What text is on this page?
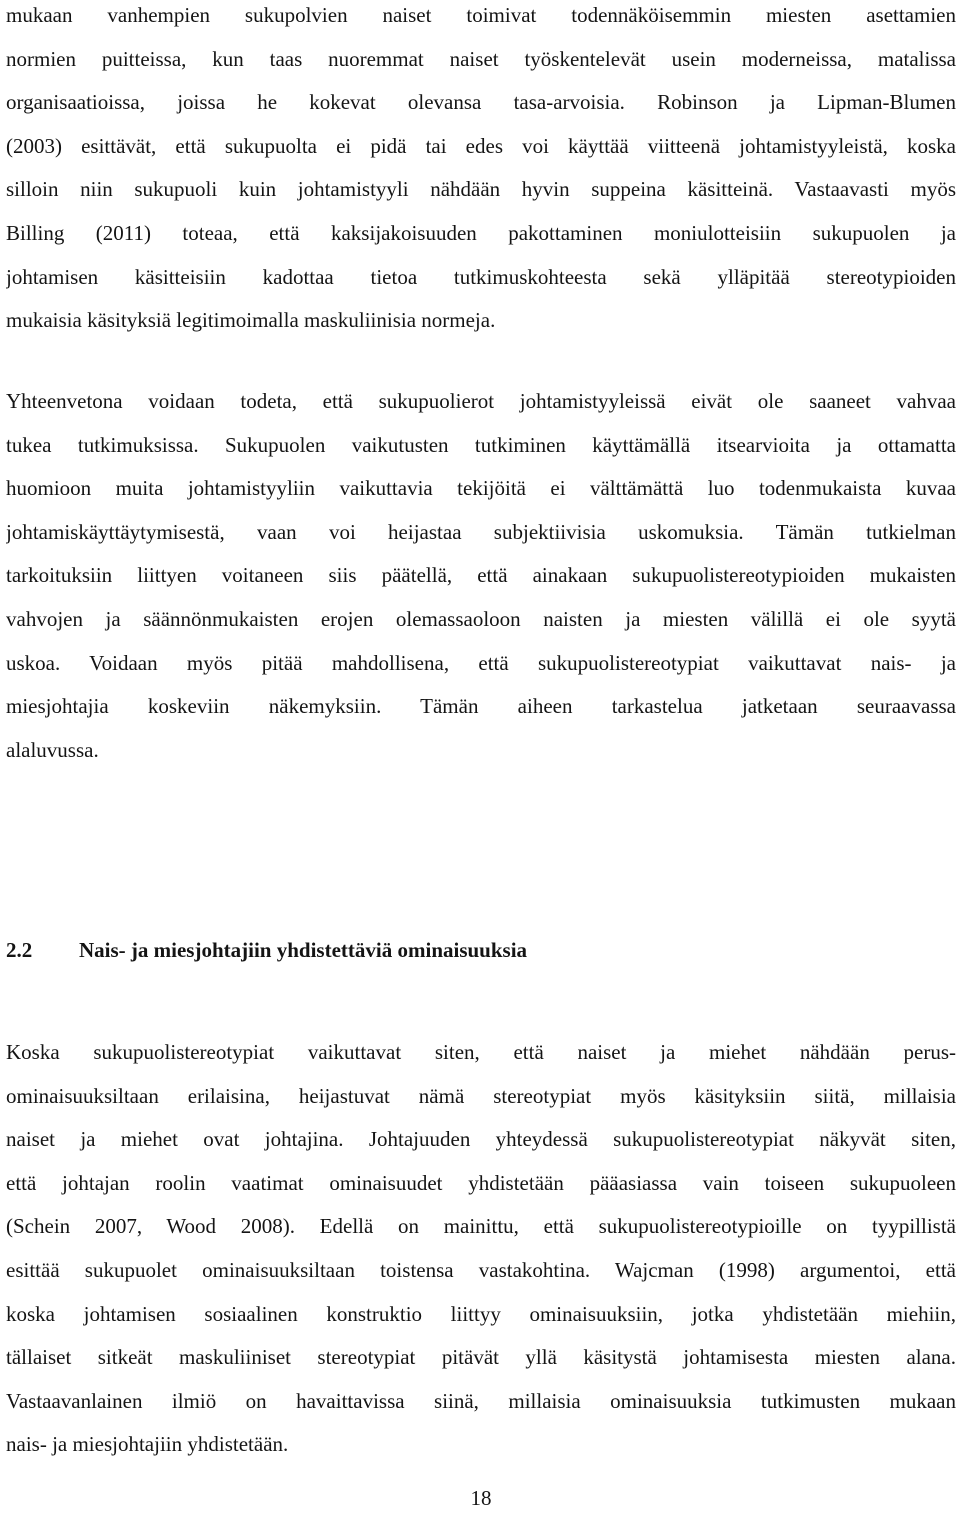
mukaan vanhempien sukupolvien naiset toimivat todennäköisemmin miesten asettamien
normien puitteissa, kun taas nuoremmat naiset työskentelevät usein moderneissa, matalissa
organisaatioissa, joissa he kokevat olevansa tasa-arvoisia. Robinson ja Lipman-Blumen
(2003) esittävät, että sukupuolta ei pidä tai edes voi käyttää viitteenä johtamistyyleistä, koska
silloin niin sukupuoli kuin johtamistyyli nähdään hyvin suppeina käsitteinä. Vastaavasti myös
Billing (2011) toteaa, että kaksijakoisuuden pakottaminen moniulotteisiin sukupuolen ja
johtamisen käsitteisiin kadottaa tietoa tutkimuskohteesta sekä ylläpitää stereotypioiden
mukaisia käsityksiä legitimoimalla maskuliinisia normeja.

Yhteenvetona voidaan todeta, että sukupuolierot johtamistyyleissä eivät ole saaneet vahvaa
tukea tutkimuksissa. Sukupuolen vaikutusten tutkiminen käyttämällä itsearvioita ja ottamatta
huomioon muita johtamistyyliin vaikuttavia tekijöitä ei välttämättä luo todenmukaista kuvaa
johtamiskäyttäytymisestä, vaan voi heijastaa subjektiivisia uskomuksia. Tämän tutkielman
tarkoituksiin liittyen voitaneen siis päätellä, että ainakaan sukupuolistereotypioiden mukaisten
vahvojen ja säännönmukaisten erojen olemassaoloon naisten ja miesten välillä ei ole syytä
uskoa. Voidaan myös pitää mahdollisena, että sukupuolistereotypiat vaikuttavat nais- ja
miesjohtajia koskeviin näkemyksiin. Tämän aiheen tarkastelua jatketaan seuraavassa
alaluvussa.

2.2 Nais- ja miesjohtajiin yhdistettäviä ominaisuuksia

Koska sukupuolistereotypiat vaikuttavat siten, että naiset ja miehet nähdään perus-
ominaisuuksiltaan erilaisina, heijastuvat nämä stereotypiat myös käsityksiin siitä, millaisia
naiset ja miehet ovat johtajina. Johtajuuden yhteydessä sukupuolistereotypiat näkyvät siten,
että johtajan roolin vaatimat ominaisuudet yhdistetään pääasiassa vain toiseen sukupuoleen
(Schein 2007, Wood 2008). Edellä on mainittu, että sukupuolistereotypioille on tyypillistä
esittää sukupuolet ominaisuuksiltaan toistensa vastakohtina. Wajcman (1998) argumentoi, että
koska johtamisen sosiaalinen konstruktio liittyy ominaisuuksiin, jotka yhdistetään miehiin,
tällaiset sitkeät maskuliiniset stereotypiat pitävät yllä käsitystä johtamisesta miesten alana.
Vastaavanlainen ilmiö on havaittavissa siinä, millaisia ominaisuuksia tutkimusten mukaan
nais- ja miesjohtajiin yhdistetään.

18
